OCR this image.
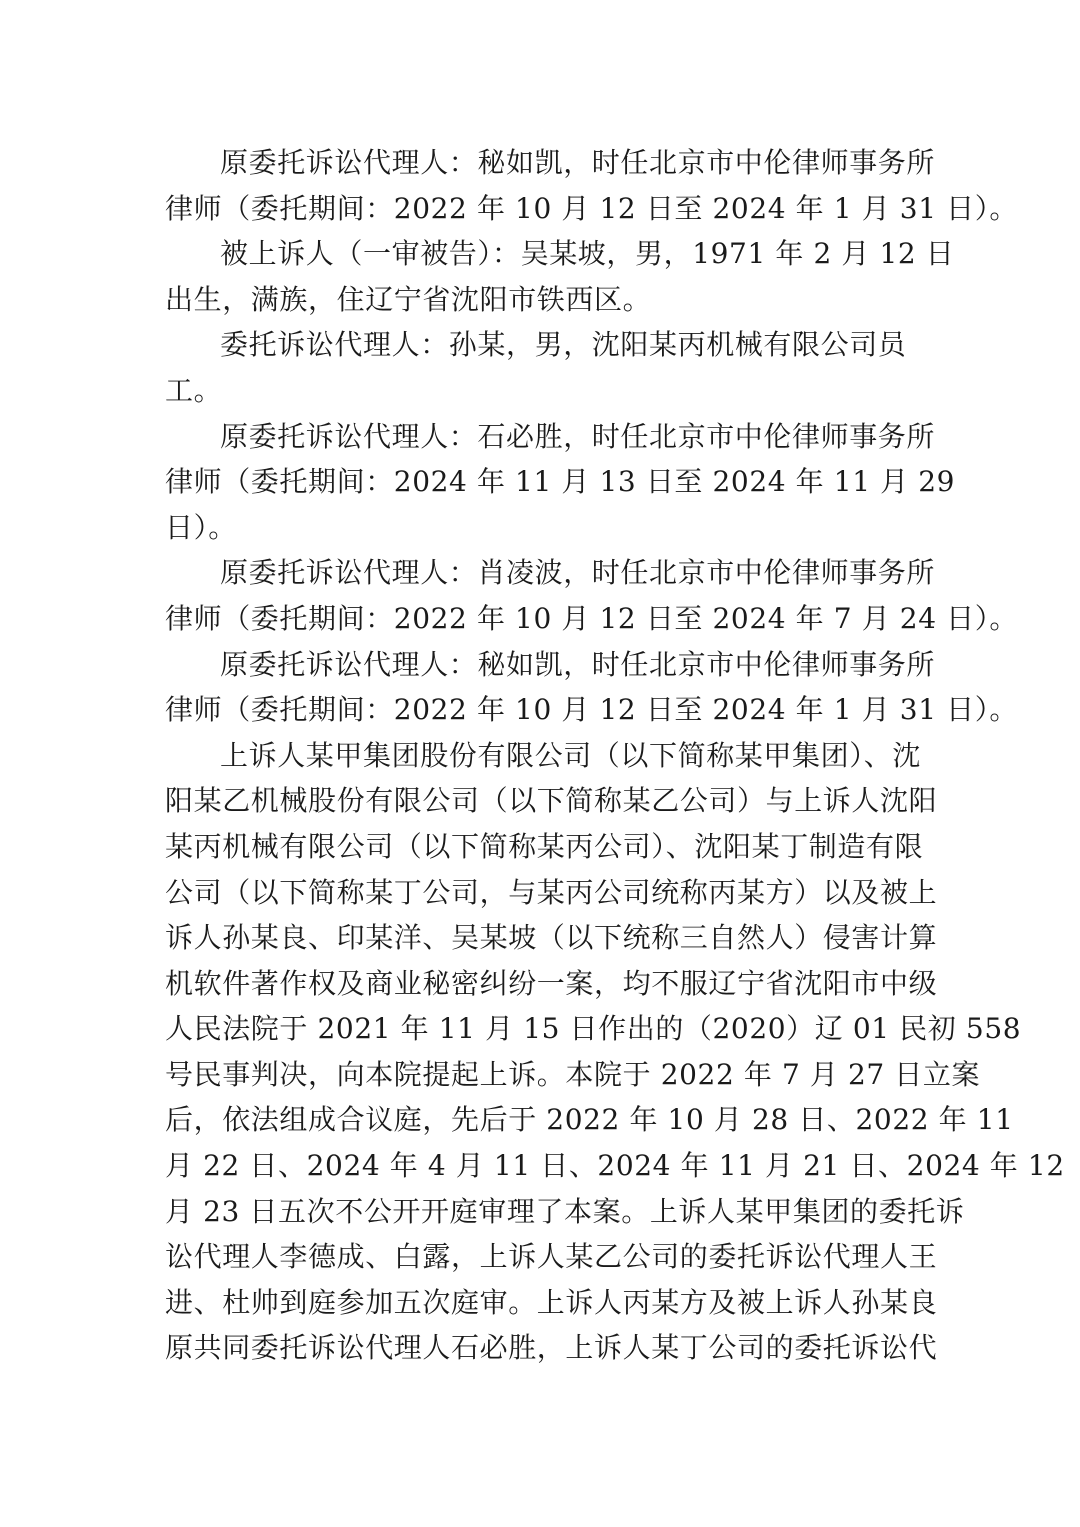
原委托诉讼代理人：秘如凯，时任北京市中伦律师事务所
律师（委托期间：2022 年 10 月 12 日至 2024 年 1 月 31 日）。
被上诉人（一审被告）：吴某坡，男，1971 年 2 月 12 日
出生，满族，住辽宁省沈阳市铁西区。
委托诉讼代理人：孙某，男，沈阳某丙机械有限公司员
工。
原委托诉讼代理人：石必胜，时任北京市中伦律师事务所
律师（委托期间：2024 年 11 月 13 日至 2024 年 11 月 29
日）。
原委托诉讼代理人：肖凌波，时任北京市中伦律师事务所
律师（委托期间：2022 年 10 月 12 日至 2024 年 7 月 24 日）。
原委托诉讼代理人：秘如凯，时任北京市中伦律师事务所
律师（委托期间：2022 年 10 月 12 日至 2024 年 1 月 31 日）。
上诉人某甲集团股份有限公司（以下简称某甲集团）、沈
阳某乙机械股份有限公司（以下简称某乙公司）与上诉人沈阳
某丙机械有限公司（以下简称某丙公司）、沈阳某丁制造有限
公司（以下简称某丁公司，与某丙公司统称丙某方）以及被上
诉人孙某良、印某洋、吴某坡（以下统称三自然人）侵害计算
机软件著作权及商业秘密纠纷一案，均不服辽宁省沈阳市中级
人民法院于 2021 年 11 月 15 日作出的（2020）辽 01 民初 558
号民事判决，向本院提起上诉。本院于 2022 年 7 月 27 日立案
后，依法组成合议庭，先后于 2022 年 10 月 28 日、2022 年 11
月 22 日、2024 年 4 月 11 日、2024 年 11 月 21 日、2024 年 12
月 23 日五次不公开开庭审理了本案。上诉人某甲集团的委托诉
讼代理人李德成、白露，上诉人某乙公司的委托诉讼代理人王
进、杜帅到庭参加五次庭审。上诉人丙某方及被上诉人孙某良
原共同委托诉讼代理人石必胜，上诉人某丁公司的委托诉讼代
